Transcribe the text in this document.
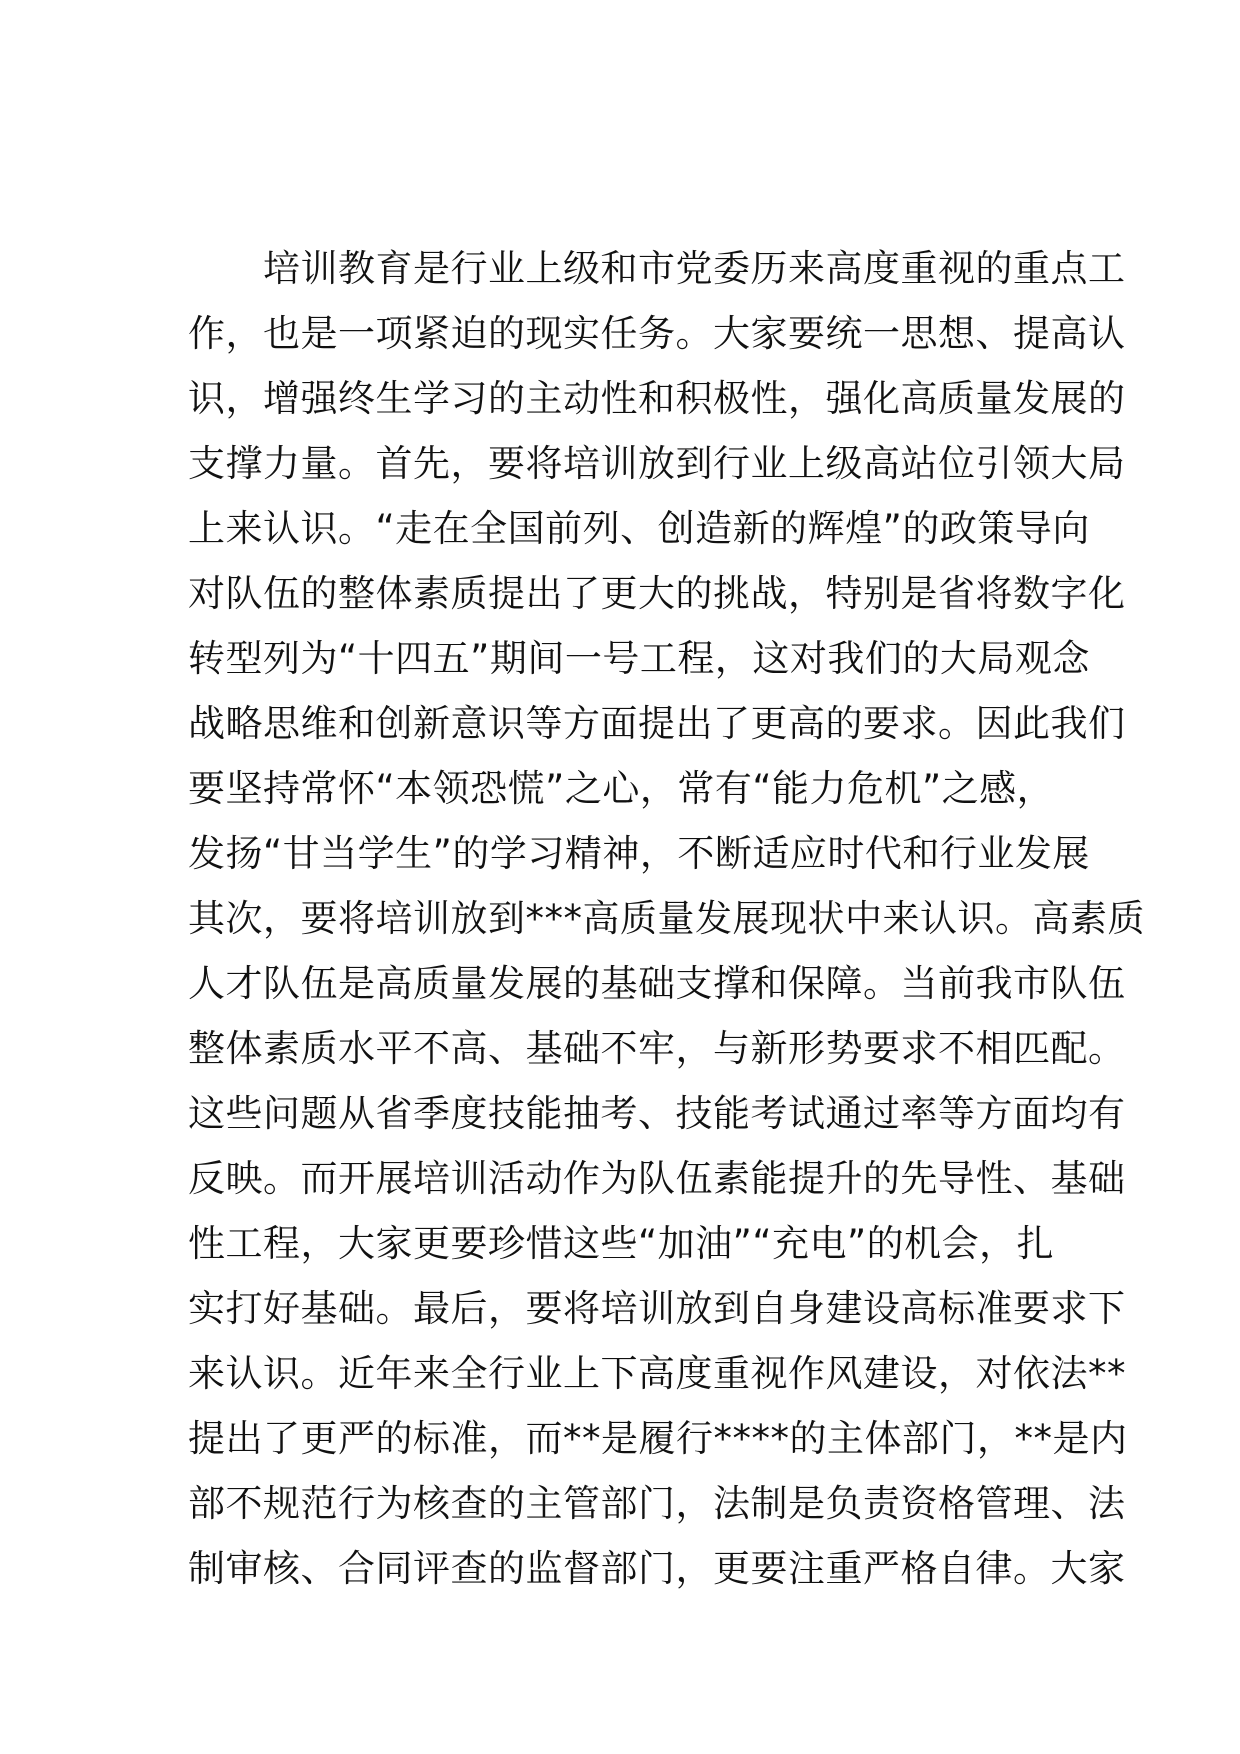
　　培训教育是行业上级和市党委历来高度重视的重点工
作，也是一项紧迫的现实任务。大家要统一思想、提高认
识，增强终生学习的主动性和积极性，强化高质量发展的
支撑力量。首先，要将培训放到行业上级高站位引领大局
上来认识。“走在全国前列、创造新的辉煌”的政策导向
对队伍的整体素质提出了更大的挑战，特别是省将数字化
转型列为“十四五”期间一号工程，这对我们的大局观念
战略思维和创新意识等方面提出了更高的要求。因此我们
要坚持常怀“本领恐慌”之心，常有“能力危机”之感，
发扬“甘当学生”的学习精神，不断适应时代和行业发展
其次，要将培训放到***高质量发展现状中来认识。高素质
人才队伍是高质量发展的基础支撑和保障。当前我市队伍
整体素质水平不高、基础不牢，与新形势要求不相匹配。
这些问题从省季度技能抽考、技能考试通过率等方面均有
反映。而开展培训活动作为队伍素能提升的先导性、基础
性工程，大家更要珍惜这些“加油”“充电”的机会，扎
实打好基础。最后，要将培训放到自身建设高标准要求下
来认识。近年来全行业上下高度重视作风建设，对依法**
提出了更严的标准，而**是履行****的主体部门，**是内
部不规范行为核查的主管部门，法制是负责资格管理、法
制审核、合同评查的监督部门，更要注重严格自律。大家
